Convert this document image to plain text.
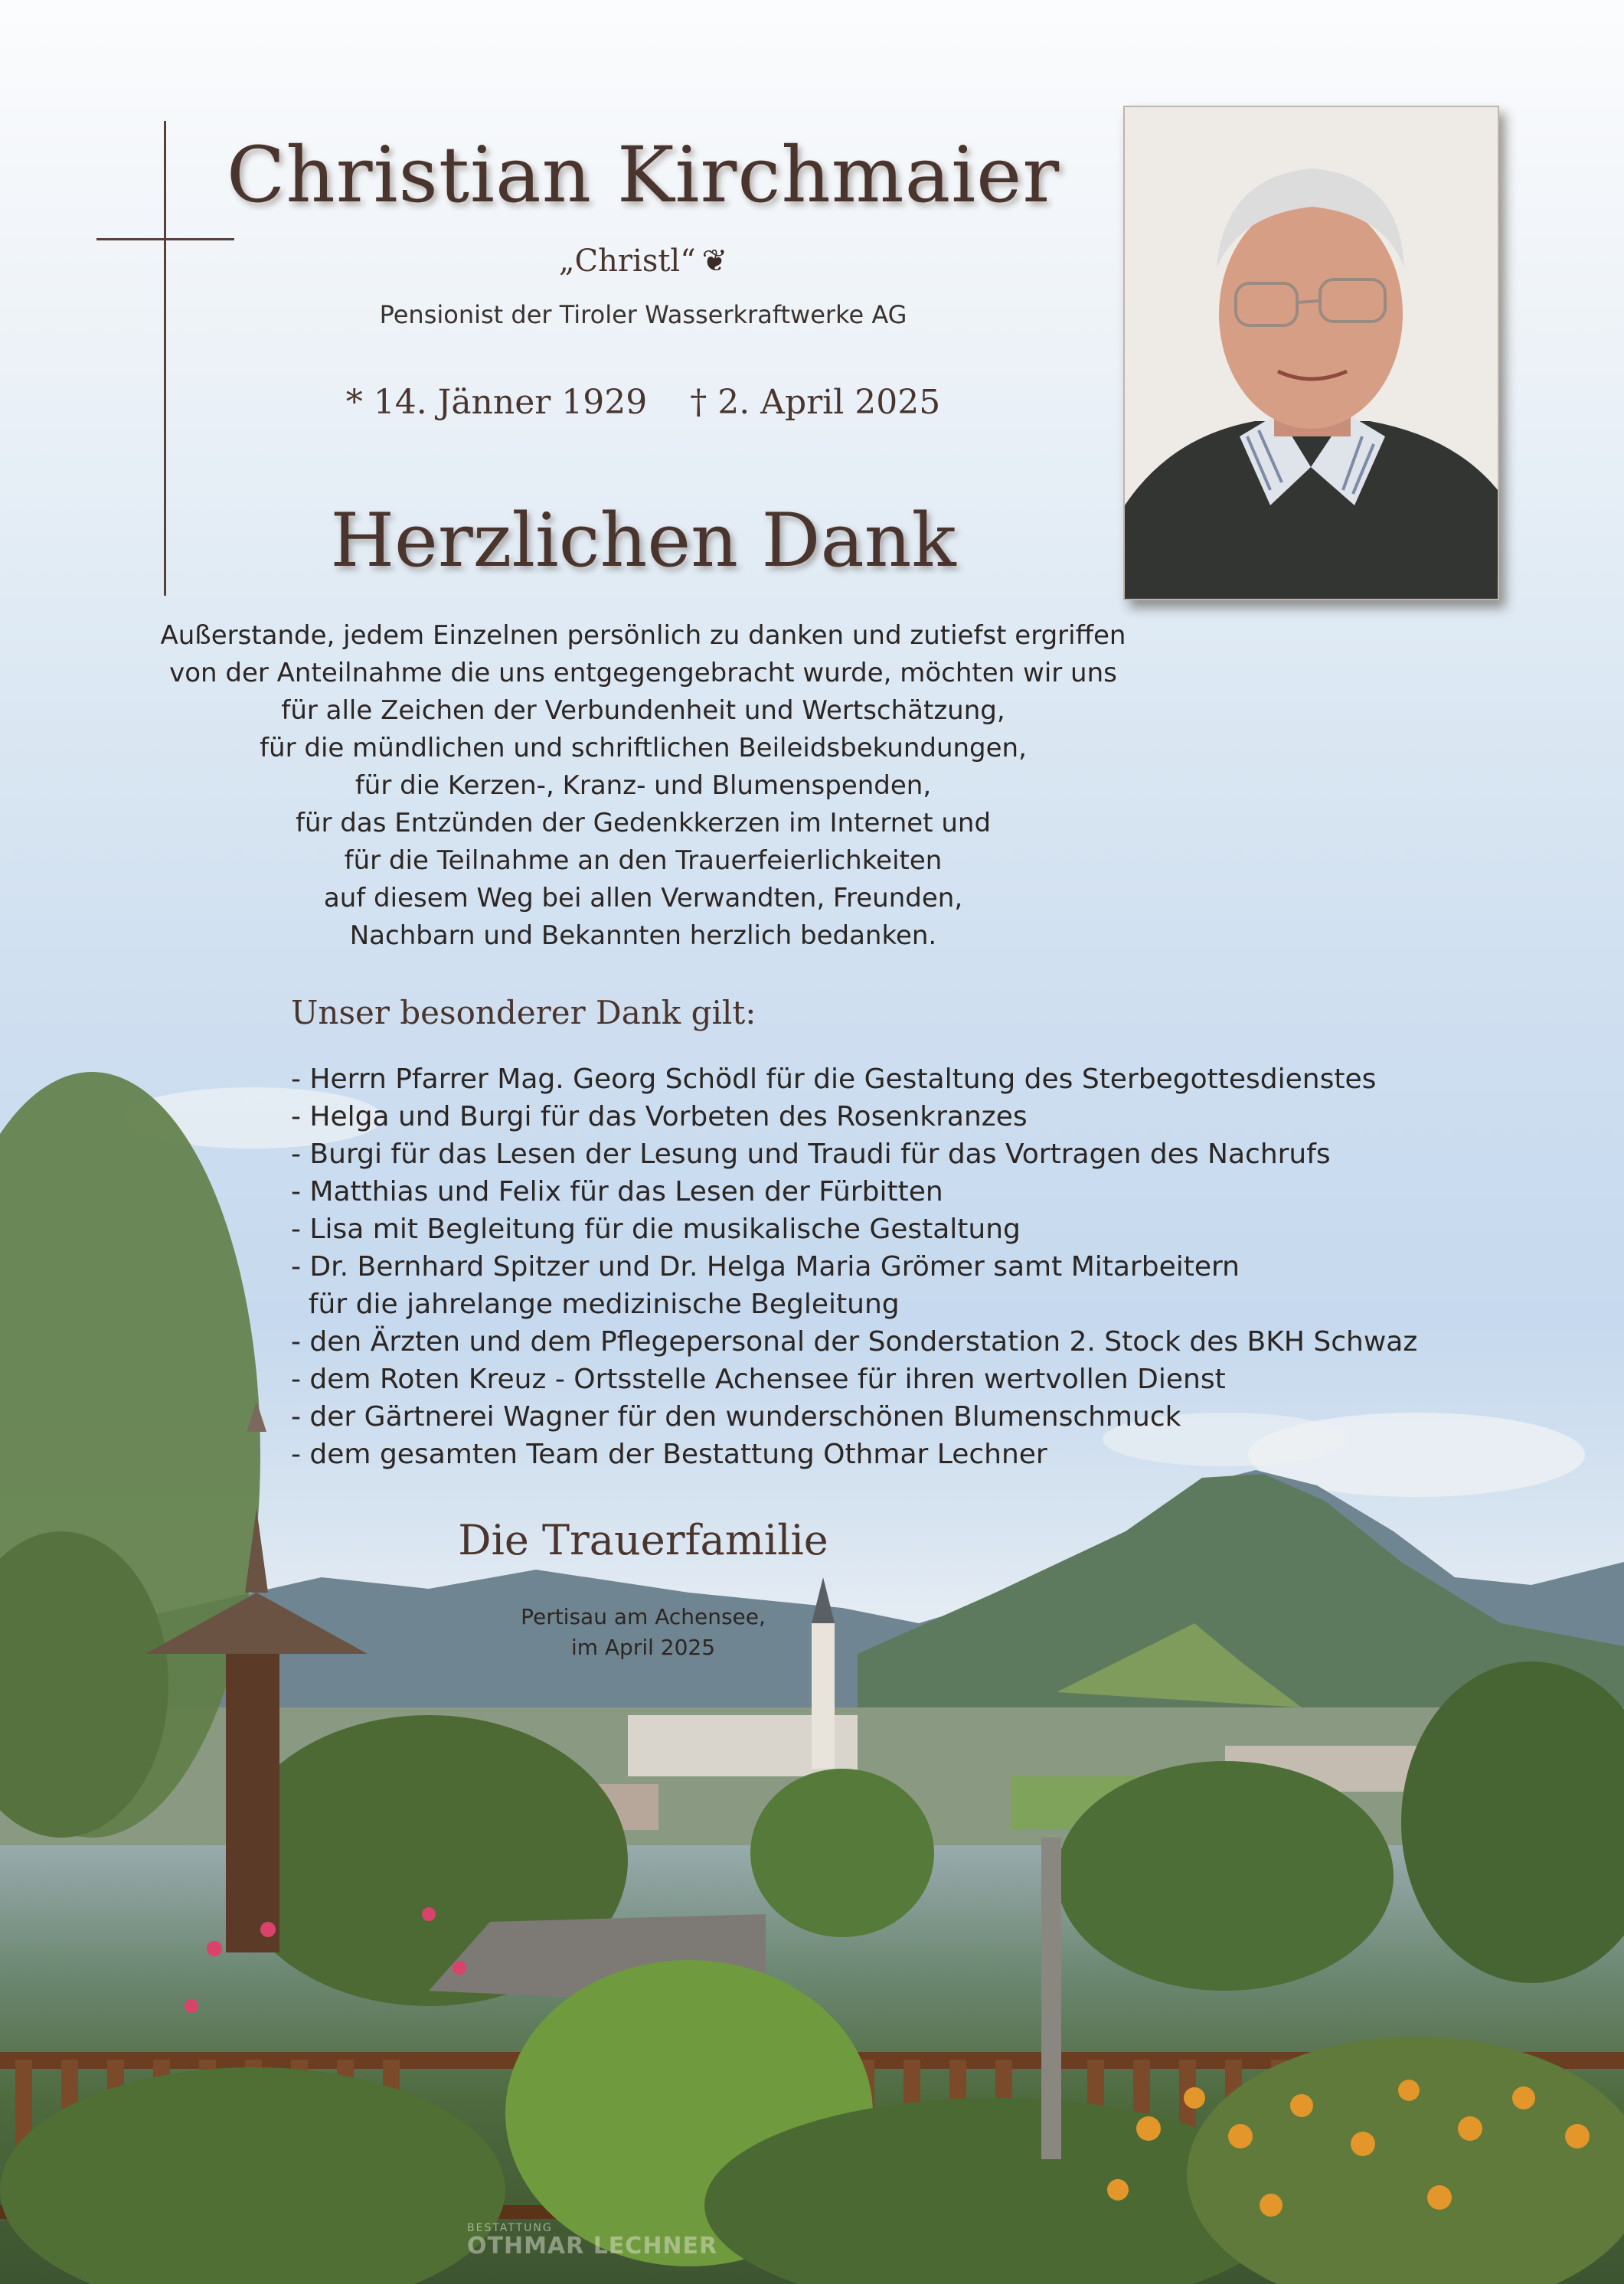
Christian Kirchmaier
„Christl“ ❦
Pensionist der Tiroler Wasserkraftwerke AG
* 14. Jänner 1929    † 2. April 2025
Herzlichen Dank
Außerstande, jedem Einzelnen persönlich zu danken und zutiefst ergriffen
von der Anteilnahme die uns entgegengebracht wurde, möchten wir uns
für alle Zeichen der Verbundenheit und Wertschätzung,
für die mündlichen und schriftlichen Beileidsbekundungen,
für die Kerzen-, Kranz- und Blumenspenden,
für das Entzünden der Gedenkkerzen im Internet und
für die Teilnahme an den Trauerfeierlichkeiten
auf diesem Weg bei allen Verwandten, Freunden,
Nachbarn und Bekannten herzlich bedanken.
Unser besonderer Dank gilt:
- Herrn Pfarrer Mag. Georg Schödl für die Gestaltung des Sterbegottesdienstes
- Helga und Burgi für das Vorbeten des Rosenkranzes
- Burgi für das Lesen der Lesung und Traudi für das Vortragen des Nachrufs
- Matthias und Felix für das Lesen der Fürbitten
- Lisa mit Begleitung für die musikalische Gestaltung
- Dr. Bernhard Spitzer und Dr. Helga Maria Grömer samt Mitarbeitern
für die jahrelange medizinische Begleitung
- den Ärzten und dem Pflegepersonal der Sonderstation 2. Stock des BKH Schwaz
- dem Roten Kreuz - Ortsstelle Achensee für ihren wertvollen Dienst
- der Gärtnerei Wagner für den wunderschönen Blumenschmuck
- dem gesamten Team der Bestattung Othmar Lechner
Die Trauerfamilie
Pertisau am Achensee,
im April 2025
BESTATTUNG
OTHMAR LECHNER
